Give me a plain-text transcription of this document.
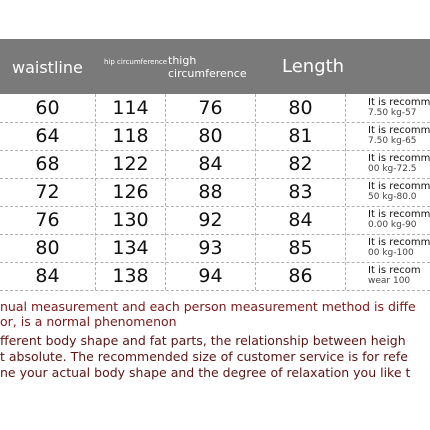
waistline	hip circumference thigh circumference	Length
60	114	76	80	It is recomm
7.50 kg-57
64	118	80	81	It is recomm
7.50 kg-65
68	122	84	82	It is recomm
00 kg-72.5
72	126	88	83	It is recomm
50 kg-80.0
76	130	92	84	It is recomm
0.00 kg-90
80	134	93	85	It is recomm
00 kg-100
84	138	94	86	It is recom
wear 100
nual measurement and each person measurement method is diffe
or, is a normal phenomenon
fferent body shape and fat parts, the relationship between heigh
t absolute. The recommended size of customer service is for refe
ne your actual body shape and the degree of relaxation you like t
